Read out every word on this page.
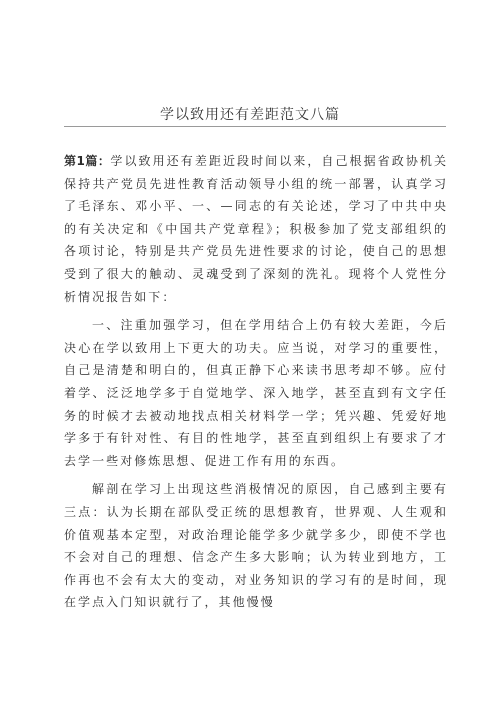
学以致用还有差距范文八篇

第1篇：学以致用还有差距近段时间以来，自己根据省政协机关保持共产党员先进性教育活动领导小组的统一部署，认真学习了毛泽东、邓小平、一、—同志的有关论述，学习了中共中央的有关决定和《中国共产党章程》；积极参加了党支部组织的各项讨论，特别是共产党员先进性要求的讨论，使自己的思想受到了很大的触动、灵魂受到了深刻的洗礼。现将个人党性分析情况报告如下：

一、注重加强学习，但在学用结合上仍有较大差距，今后决心在学以致用上下更大的功夫。应当说，对学习的重要性，自己是清楚和明白的，但真正静下心来读书思考却不够。应付着学、泛泛地学多于自觉地学、深入地学，甚至直到有文字任务的时候才去被动地找点相关材料学一学；凭兴趣、凭爱好地学多于有针对性、有目的性地学，甚至直到组织上有要求了才去学一些对修炼思想、促进工作有用的东西。

解剖在学习上出现这些消极情况的原因，自己感到主要有三点：认为长期在部队受正统的思想教育，世界观、人生观和价值观基本定型，对政治理论能学多少就学多少，即使不学也不会对自己的理想、信念产生多大影响；认为转业到地方，工作再也不会有太大的变动，对业务知识的学习有的是时间，现在学点入门知识就行了，其他慢慢
